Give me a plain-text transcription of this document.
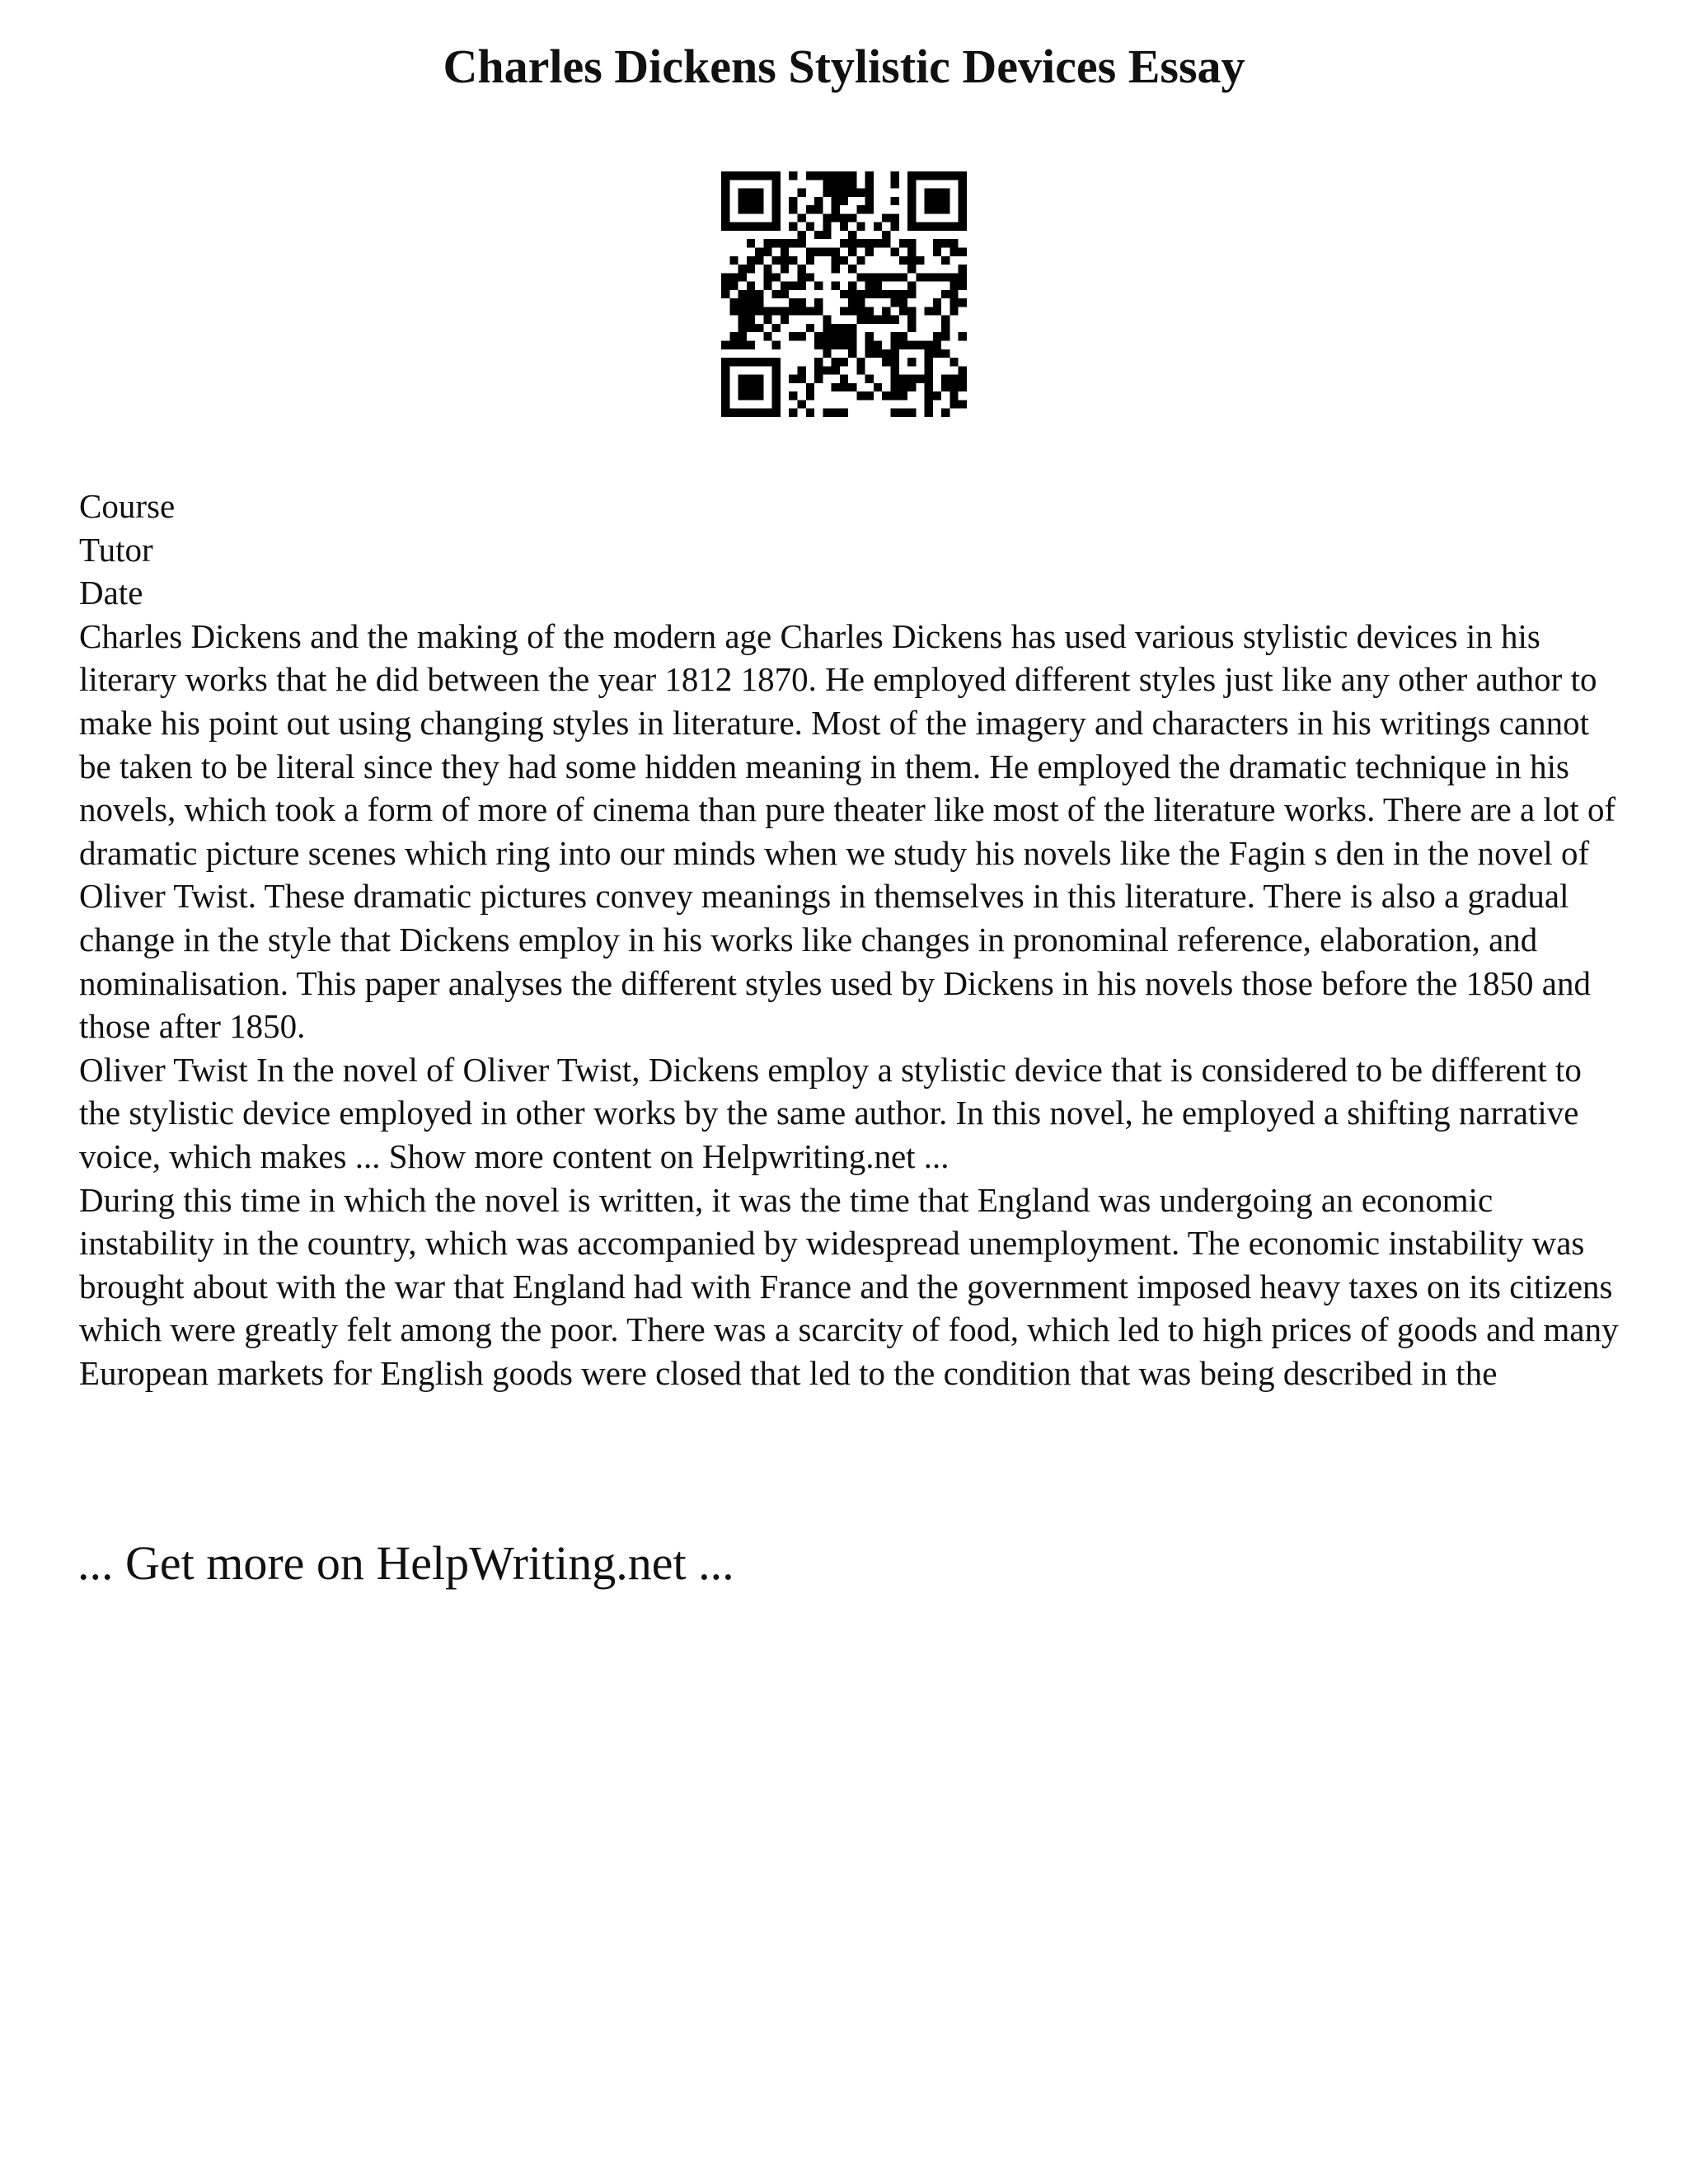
Charles Dickens Stylistic Devices Essay
Course
Tutor
Date

Charles Dickens and the making of the modern age Charles Dickens has used various stylistic devices in his literary works that he did between the year 1812 1870. He employed different styles just like any other author to make his point out using changing styles in literature. Most of the imagery and characters in his writings cannot be taken to be literal since they had some hidden meaning in them. He employed the dramatic technique in his novels, which took a form of more of cinema than pure theater like most of the literature works. There are a lot of dramatic picture scenes which ring into our minds when we study his novels like the Fagin s den in the novel of Oliver Twist. These dramatic pictures convey meanings in themselves in this literature. There is also a gradual change in the style that Dickens employ in his works like changes in pronominal reference, elaboration, and nominalisation. This paper analyses the different styles used by Dickens in his novels those before the 1850 and those after 1850.

Oliver Twist In the novel of Oliver Twist, Dickens employ a stylistic device that is considered to be different to the stylistic device employed in other works by the same author. In this novel, he employed a shifting narrative voice, which makes ... Show more content on Helpwriting.net ...

During this time in which the novel is written, it was the time that England was undergoing an economic instability in the country, which was accompanied by widespread unemployment. The economic instability was brought about with the war that England had with France and the government imposed heavy taxes on its citizens which were greatly felt among the poor. There was a scarcity of food, which led to high prices of goods and many European markets for English goods were closed that led to the condition that was being described in the

... Get more on HelpWriting.net ...
